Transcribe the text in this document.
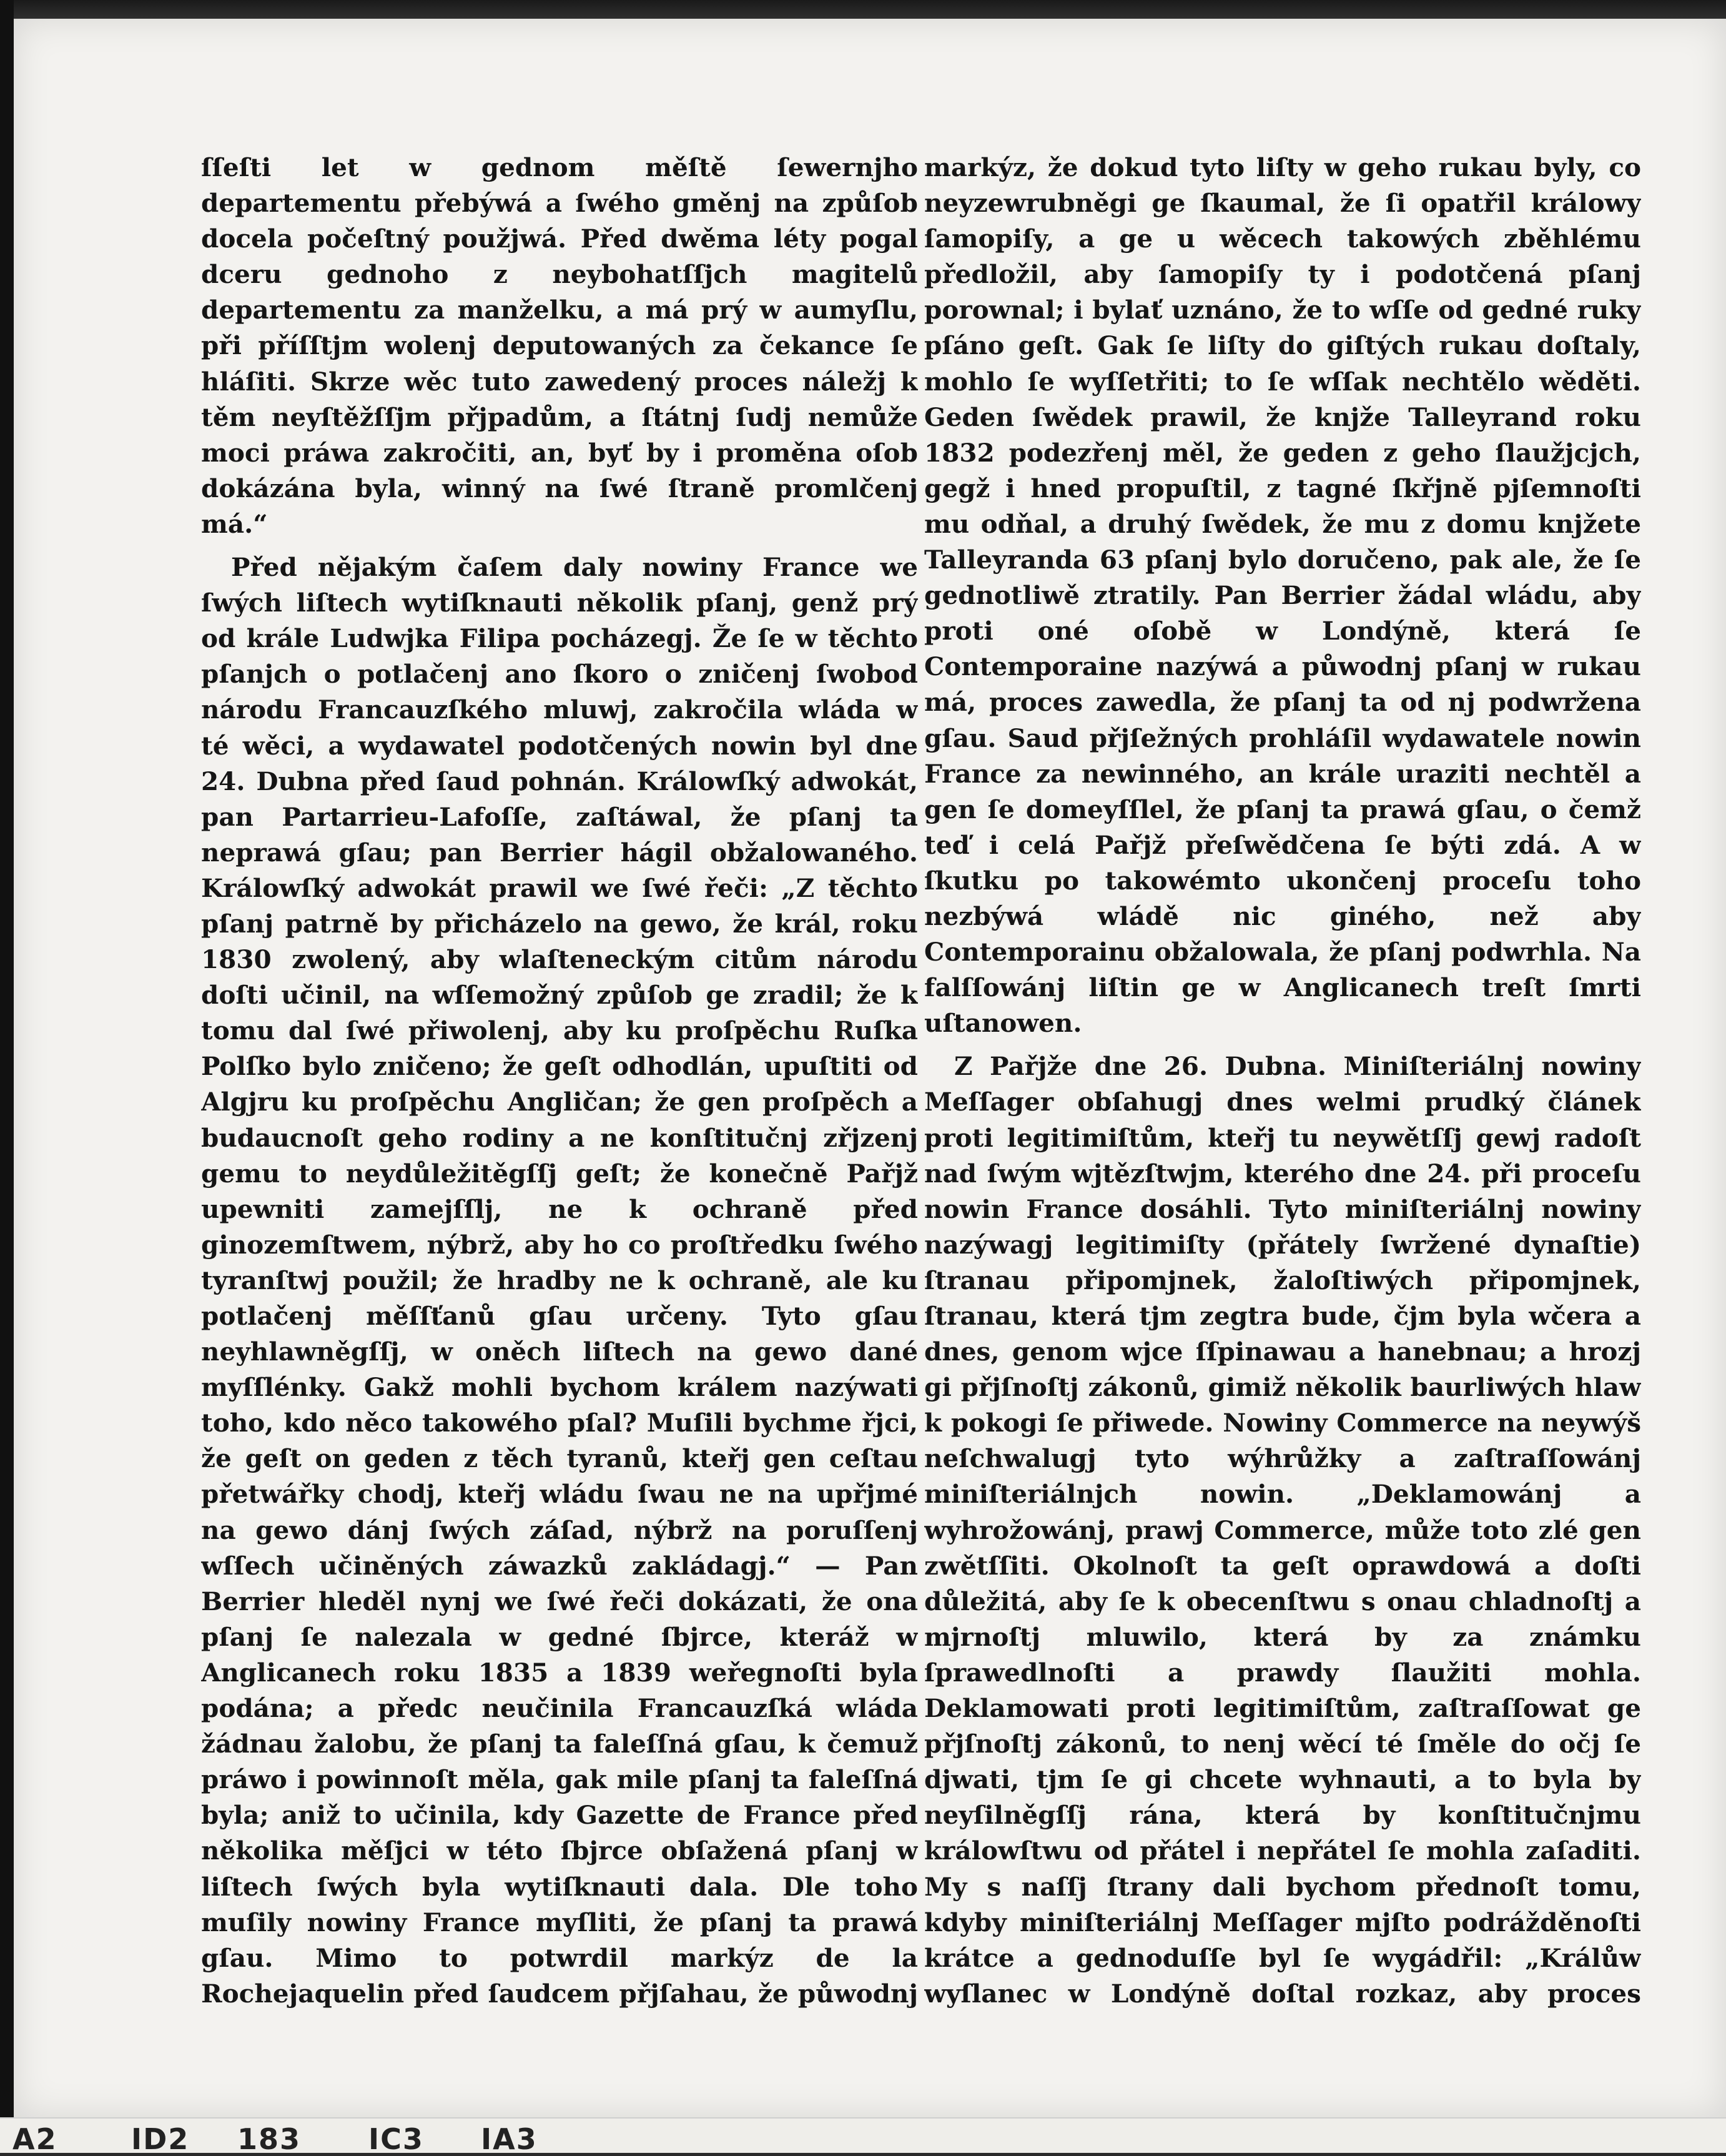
ſſeſti let w gednom měſtě ſewernjho departementu přebýwá a ſwého gměnj na způſob docela počeſtný použjwá. Před dwěma léty pogal dceru gednoho z neybohatſſjch magitelů departementu za manželku, a má prý w aumyſlu, při příſſtjm wolenj deputowaných za čekance ſe hláſiti. Skrze wěc tuto zawedený proces náležj k těm neyſtěžſſjm přjpadům, a ſtátnj ſudj nemůže moci práwa zakročiti, an, byť by i proměna oſob dokázána byla, winný na ſwé ſtraně promlčenj má.“

Před nějakým čaſem daly nowiny France we ſwých liſtech wytiſknauti několik pſanj, genž prý od krále Ludwjka Filipa pocházegj. Že ſe w těchto pſanjch o potlačenj ano ſkoro o zničenj ſwobod národu Francauzſkého mluwj, zakročila wláda w té wěci, a wydawatel podotčených nowin byl dne 24. Dubna před ſaud pohnán. Králowſký adwokát, pan Partarrieu-Lafoſſe, zaſtáwal, že pſanj ta neprawá gſau; pan Berrier hágil obžalowaného. Králowſký adwokát prawil we ſwé řeči: „Z těchto pſanj patrně by přicházelo na gewo, že král, roku 1830 zwolený, aby wlaſteneckým citům národu doſti učinil, na wſſemožný způſob ge zradil; že k tomu dal ſwé přiwolenj, aby ku proſpěchu Ruſka Polſko bylo zničeno; že geſt odhodlán, upuſtiti od Algjru ku proſpěchu Angličan; že gen proſpěch a budaucnoſt geho rodiny a ne konſtitučnj zřjzenj gemu to neydůležitěgſſj geſt; že konečně Pařjž upewniti zamejſſlj, ne k ochraně před ginozemſtwem, nýbrž, aby ho co proſtředku ſwého tyranſtwj použil; že hradby ne k ochraně, ale ku potlačenj měſſťanů gſau určeny. Tyto gſau neyhlawněgſſj, w oněch liſtech na gewo dané myſſlénky. Gakž mohli bychom králem nazýwati toho, kdo něco takowého pſal? Muſili bychme řjci, že geſt on geden z těch tyranů, kteřj gen ceſtau přetwářky chodj, kteřj wládu ſwau ne na upřjmé na gewo dánj ſwých záſad, nýbrž na poruſſenj wſſech učiněných záwazků zakládagj.“ — Pan Berrier hleděl nynj we ſwé řeči dokázati, že ona pſanj ſe nalezala w gedné ſbjrce, kteráž w Anglicanech roku 1835 a 1839 weřegnoſti byla podána; a předc neučinila Francauzſká wláda žádnau žalobu, že pſanj ta faleſſná gſau, k čemuž práwo i powinnoſt měla, gak mile pſanj ta faleſſná byla; aniž to učinila, kdy Gazette de France před několika měſjci w této ſbjrce obſažená pſanj w liſtech ſwých byla wytiſknauti dala. Dle toho muſily nowiny France myſliti, že pſanj ta prawá gſau. Mimo to potwrdil markýz de la Rochejaquelin před ſaudcem přjſahau, že půwodnj

markýz, že dokud tyto liſty w geho rukau byly, co neyzewrubněgi ge ſkaumal, že ſi opatřil králowy ſamopiſy, a ge u wěcech takowých zběhlému předložil, aby ſamopiſy ty i podotčená pſanj porownal; i bylať uznáno, že to wſſe od gedné ruky pſáno geſt. Gak ſe liſty do giſtých rukau doſtaly, mohlo ſe wyſſetřiti; to ſe wſſak nechtělo wěděti. Geden ſwědek prawil, že knjže Talleyrand roku 1832 podezřenj měl, že geden z geho ſlaužjcjch, gegž i hned propuſtil, z tagné ſkřjně pjſemnoſti mu odňal, a druhý ſwědek, že mu z domu knjžete Talleyranda 63 pſanj bylo doručeno, pak ale, že ſe gednotliwě ztratily. Pan Berrier žádal wládu, aby proti oné oſobě w Londýně, která ſe Contemporaine nazýwá a půwodnj pſanj w rukau má, proces zawedla, že pſanj ta od nj podwrženа gſau. Saud přjſežných prohláſil wydawatele nowin France za newinného, an krále uraziti nechtěl a gen ſe domeyſſlel, že pſanj ta prawá gſau, o čemž teď i celá Pařjž přeſwědčena ſe býti zdá. A w ſkutku po takowémto ukončenj proceſu toho nezbýwá wládě nic giného, než aby Contemporainu obžalowala, že pſanj podwrhla. Na falſſowánj liſtin ge w Anglicanech treſt ſmrti uſtanowen.

Z Pařjže dne 26. Dubna. Miniſteriálnj nowiny Meſſager obſahugj dnes welmi prudký článek proti legitimiſtům, kteřj tu neywětſſj gewj radoſt nad ſwým wjtězſtwjm, kterého dne 24. při proceſu nowin France dosáhli. Tyto miniſteriálnj nowiny nazýwagj legitimiſty (přátely ſwržené dynaſtie) ſtranau připomjnek, žaloſtiwých připomjnek, ſtranau, která tjm zegtra bude, čjm byla wčera a dnes, genom wjce ſſpinawau a hanebnau; a hrozj gi přjſnoſtj zákonů, gimiž několik baurliwých hlaw k pokogi ſe přiwede. Nowiny Commerce na neywýš neſchwalugj tyto wýhrůžky a zaſtraſſowánj miniſteriálnjch nowin. „Deklamowánj a wyhrožowánj, prawj Commerce, může toto zlé gen zwětſſiti. Okolnoſt ta geſt oprawdowá a doſti důležitá, aby ſe k obecenſtwu s onau chladnoſtj a mjrnoſtj mluwilo, která by za známku ſprawedlnoſti a prawdy ſlaužiti mohla. Deklamowati proti legitimiſtům, zaſtraſſowat ge přjſnoſtj zákonů, to nenj wěcí té ſměle do očj ſe djwati, tjm ſe gi chcete wyhnauti, a to byla by neyſilněgſſj rána, která by konſtitučnjmu králowſtwu od přátel i nepřátel ſe mohla zaſaditi. My s naſſj ſtrany dali bychom přednoſt tomu, kdyby miniſteriálnj Meſſager mjſto podrážděnoſti krátce a gednoduſſe byl ſe wygádřil: „Králůw wyſlanec w Londýně doſtal rozkaz, aby proces

A2	ID2 183 IC3 IA3
